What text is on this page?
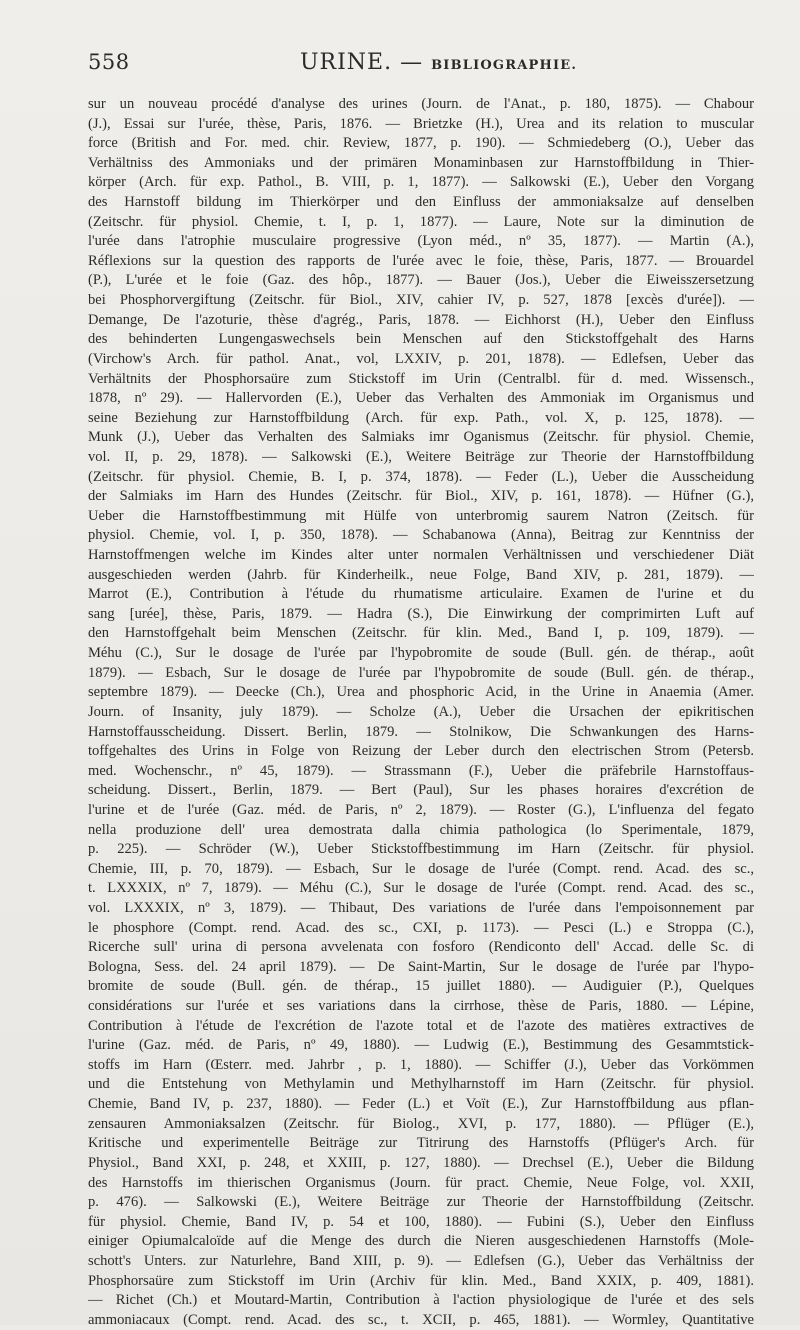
558	URINE. — BIBLIOGRAPHIE.
sur un nouveau procédé d'analyse des urines (Journ. de l'Anat., p. 180, 1875). — Chabour
(J.), Essai sur l'urée, thèse, Paris, 1876. — Brietzke (H.), Urea and its relation to muscular
force (British and For. med. chir. Review, 1877, p. 190). — Schmiedeberg (O.), Ueber das
Verhältniss des Ammoniaks und der primären Monaminbasen zur Harnstoffbildung in Thier-
körper (Arch. für exp. Pathol., B. VIII, p. 1, 1877). — Salkowski (E.), Ueber den Vorgang
des Harnstoff bildung im Thierkörper und den Einfluss der ammoniaksalze auf denselben
(Zeitschr. für physiol. Chemie, t. I, p. 1, 1877). — Laure, Note sur la diminution de
l'urée dans l'atrophie musculaire progressive (Lyon méd., nº 35, 1877). — Martin (A.),
Réflexions sur la question des rapports de l'urée avec le foie, thèse, Paris, 1877. — Brouardel
(P.), L'urée et le foie (Gaz. des hôp., 1877). — Bauer (Jos.), Ueber die Eiweisszersetzung
bei Phosphorvergiftung (Zeitschr. für Biol., XIV, cahier IV, p. 527, 1878 [excès d'urée]). —
Demange, De l'azoturie, thèse d'agrég., Paris, 1878. — Eichhorst (H.), Ueber den Einfluss
des behinderten Lungengaswechsels bein Menschen auf den Stickstoffgehalt des Harns
(Virchow's Arch. für pathol. Anat., vol, LXXIV, p. 201, 1878). — Edlefsen, Ueber das
Verhältnits der Phosphorsaüre zum Stickstoff im Urin (Centralbl. für d. med. Wissensch.,
1878, nº 29). — Hallervorden (E.), Ueber das Verhalten des Ammoniak im Organismus und
seine Beziehung zur Harnstoffbildung (Arch. für exp. Path., vol. X, p. 125, 1878). —
Munk (J.), Ueber das Verhalten des Salmiaks imr Oganismus (Zeitschr. für physiol. Chemie,
vol. II, p. 29, 1878). — Salkowski (E.), Weitere Beiträge zur Theorie der Harnstoffbildung
(Zeitschr. für physiol. Chemie, B. I, p. 374, 1878). — Feder (L.), Ueber die Ausscheidung
der Salmiaks im Harn des Hundes (Zeitschr. für Biol., XIV, p. 161, 1878). — Hüfner (G.),
Ueber die Harnstoffbestimmung mit Hülfe von unterbromig saurem Natron (Zeitsch. für
physiol. Chemie, vol. I, p. 350, 1878). — Schabanowa (Anna), Beitrag zur Kenntniss der
Harnstoffmengen welche im Kindes alter unter normalen Verhältnissen und verschiedener Diät
ausgeschieden werden (Jahrb. für Kinderheilk., neue Folge, Band XIV, p. 281, 1879). —
Marrot (E.), Contribution à l'étude du rhumatisme articulaire. Examen de l'urine et du
sang [urée], thèse, Paris, 1879. — Hadra (S.), Die Einwirkung der comprimirten Luft auf
den Harnstoffgehalt beim Menschen (Zeitschr. für klin. Med., Band I, p. 109, 1879). —
Méhu (C.), Sur le dosage de l'urée par l'hypobromite de soude (Bull. gén. de thérap., août
1879). — Esbach, Sur le dosage de l'urée par l'hypobromite de soude (Bull. gén. de thérap.,
septembre 1879). — Deecke (Ch.), Urea and phosphoric Acid, in the Urine in Anaemia (Amer.
Journ. of Insanity, july 1879). — Scholze (A.), Ueber die Ursachen der epikritischen
Harnstoffausscheidung. Dissert. Berlin, 1879. — Stolnikow, Die Schwankungen des Harns-
toffgehaltes des Urins in Folge von Reizung der Leber durch den electrischen Strom (Petersb.
med. Wochenschr., nº 45, 1879). — Strassmann (F.), Ueber die präfebrile Harnstoffaus-
scheidung. Dissert., Berlin, 1879. — Bert (Paul), Sur les phases horaires d'excrétion de
l'urine et de l'urée (Gaz. méd. de Paris, nº 2, 1879). — Roster (G.), L'influenza del fegato
nella produzione dell' urea demostrata dalla chimia pathologica (lo Sperimentale, 1879,
p. 225). — Schröder (W.), Ueber Stickstoffbestimmung im Harn (Zeitschr. für physiol.
Chemie, III, p. 70, 1879). — Esbach, Sur le dosage de l'urée (Compt. rend. Acad. des sc.,
t. LXXXIX, nº 7, 1879). — Méhu (C.), Sur le dosage de l'urée (Compt. rend. Acad. des sc.,
vol. LXXXIX, nº 3, 1879). — Thibaut, Des variations de l'urée dans l'empoisonnement par
le phosphore (Compt. rend. Acad. des sc., CXI, p. 1173). — Pesci (L.) e Stroppa (C.),
Ricerche sull' urina di persona avvelenata con fosforo (Rendiconto dell' Accad. delle Sc. di
Bologna, Sess. del. 24 april 1879). — De Saint-Martin, Sur le dosage de l'urée par l'hypo-
bromite de soude (Bull. gén. de thérap., 15 juillet 1880). — Audiguier (P.), Quelques
considérations sur l'urée et ses variations dans la cirrhose, thèse de Paris, 1880. — Lépine,
Contribution à l'étude de l'excrétion de l'azote total et de l'azote des matières extractives de
l'urine (Gaz. méd. de Paris, nº 49, 1880). — Ludwig (E.), Bestimmung des Gesammtstick-
stoffs im Harn (Œsterr. med. Jahrbr , p. 1, 1880). — Schiffer (J.), Ueber das Vorkömmen
und die Entstehung von Methylamin und Methylharnstoff im Harn (Zeitschr. für physiol.
Chemie, Band IV, p. 237, 1880). — Feder (L.) et Voït (E.), Zur Harnstoffbildung aus pflan-
zensauren Ammoniaksalzen (Zeitschr. für Biolog., XVI, p. 177, 1880). — Pflüger (E.),
Kritische und experimentelle Beiträge zur Titrirung des Harnstoffs (Pflüger's Arch. für
Physiol., Band XXI, p. 248, et XXIII, p. 127, 1880). — Drechsel (E.), Ueber die Bildung
des Harnstoffs im thierischen Organismus (Journ. für pract. Chemie, Neue Folge, vol. XXII,
p. 476). — Salkowski (E.), Weitere Beiträge zur Theorie der Harnstoffbildung (Zeitschr.
für physiol. Chemie, Band IV, p. 54 et 100, 1880). — Fubini (S.), Ueber den Einfluss
einiger Opiumalcaloïde auf die Menge des durch die Nieren ausgeschiedenen Harnstoffs (Mole-
schott's Unters. zur Naturlehre, Band XIII, p. 9). — Edlefsen (G.), Ueber das Verhältniss der
Phosphorsaüre zum Stickstoff im Urin (Archiv für klin. Med., Band XXIX, p. 409, 1881).
— Richet (Ch.) et Moutard-Martin, Contribution à l'action physiologique de l'urée et des sels
ammoniacaux (Compt. rend. Acad. des sc., t. XCII, p. 465, 1881). — Wormley, Quantitative
